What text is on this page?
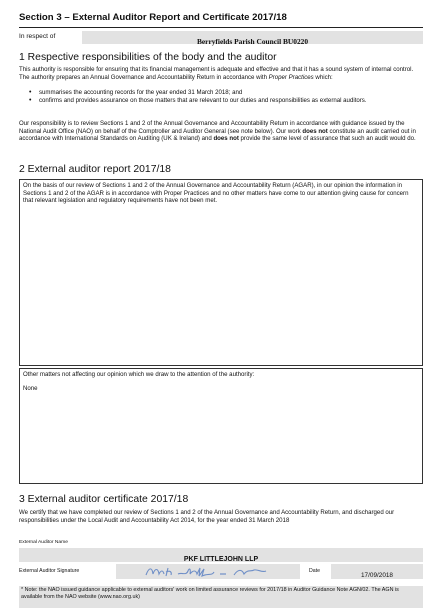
Section 3 – External Auditor Report and Certificate 2017/18
In respect of
Berryfields Parish Council BU0220
1 Respective responsibilities of the body and the auditor
This authority is responsible for ensuring that its financial management is adequate and effective and that it has a sound system of internal control. The authority prepares an Annual Governance and Accountability Return in accordance with Proper Practices which:
• summarises the accounting records for the year ended 31 March 2018; and
• confirms and provides assurance on those matters that are relevant to our duties and responsibilities as external auditors.
Our responsibility is to review Sections 1 and 2 of the Annual Governance and Accountability Return in accordance with guidance issued by the National Audit Office (NAO) on behalf of the Comptroller and Auditor General (see note below). Our work does not constitute an audit carried out in accordance with International Standards on Auditing (UK & Ireland) and does not provide the same level of assurance that such an audit would do.
2 External auditor report 2017/18
On the basis of our review of Sections 1 and 2 of the Annual Governance and Accountability Return (AGAR), in our opinion the information in Sections 1 and 2 of the AGAR is in accordance with Proper Practices and no other matters have come to our attention giving cause for concern that relevant legislation and regulatory requirements have not been met.
Other matters not affecting our opinion which we draw to the attention of the authority:
None
3 External auditor certificate 2017/18
We certify that we have completed our review of Sections 1 and 2 of the Annual Governance and Accountability Return, and discharged our responsibilities under the Local Audit and Accountability Act 2014, for the year ended 31 March 2018
External Auditor Name
PKF LITTLEJOHN LLP
External Auditor Signature	Date
17/09/2018
* Note: the NAO issued guidance applicable to external auditors' work on limited assurance reviews for 2017/18 in Auditor Guidance Note AGN/02. The AGN is available from the NAO website (www.nao.org.uk)
